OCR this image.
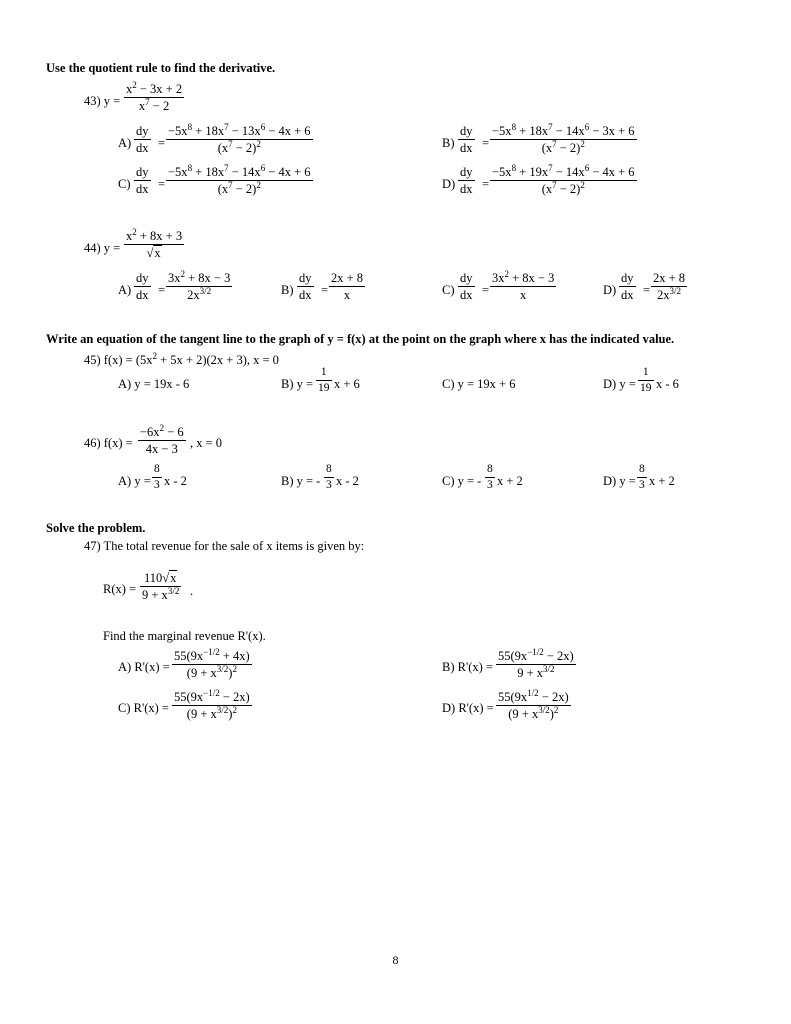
Use the quotient rule to find the derivative.
43) $y = \frac{x^2 - 3x + 2}{x^7 - 2}$
$A) \frac{dy}{dx} = \frac{-5x^8 + 18x^7 - 13x^6 - 4x + 6}{(x^7 - 2)^2}$	$B) \frac{dy}{dx} = \frac{-5x^8 + 18x^7 - 14x^6 - 3x + 6}{(x^7 - 2)^2}$
$C) \frac{dy}{dx} = \frac{-5x^8 + 18x^7 - 14x^6 - 4x + 6}{(x^7 - 2)^2}$	$D) \frac{dy}{dx} = \frac{-5x^8 + 19x^7 - 14x^6 - 4x + 6}{(x^7 - 2)^2}$
44) $y = \frac{x^2 + 8x + 3}{√x}$
$A) \frac{dy}{dx} = \frac{3x^2 + 8x - 3}{2x^{3/2}}$	$B) \frac{dy}{dx} = \frac{2x + 8}{x}$	$C) \frac{dy}{dx} = \frac{3x^2 + 8x - 3}{x}$	$D) \frac{dy}{dx} = \frac{2x + 8}{2x^{3/2}}$
Write an equation of the tangent line to the graph of y = f(x) at the point on the graph where x has the indicated value.
45) $f(x) = (5x^2 + 5x + 2)(2x + 3)$, x = 0
A) y = 19x - 6	B) $y = \frac{1}{19}$ x + 6	C) y = 19x + 6	D) $y = \frac{1}{19}$ x - 6
46) $f(x) = \frac{-6x^2 - 6}{4x - 3}$ , x = 0
A) $y = \frac{8}{3}$ x - 2	B) y = - $\frac{8}{3}$ x - 2	C) y = - $\frac{8}{3}$ x + 2	D) $y = \frac{8}{3}$ x + 2
Solve the problem.
47) The total revenue for the sale of x items is given by:
$R(x) = \frac{110√x}{9 + x^{3/2}}$ .
Find the marginal revenue R'(x).
A) $R'(x) = \frac{55(9x^{-1/2} + 4x)}{(9 + x^{3/2})^2}$	B) $R'(x) = \frac{55(9x^{-1/2} - 2x)}{9 + x^{3/2}}$
C) $R'(x) = \frac{55(9x^{-1/2} - 2x)}{(9 + x^{3/2})^2}$	D) $R'(x) = \frac{55(9x^{1/2} - 2x)}{(9 + x^{3/2})^2}$
8
